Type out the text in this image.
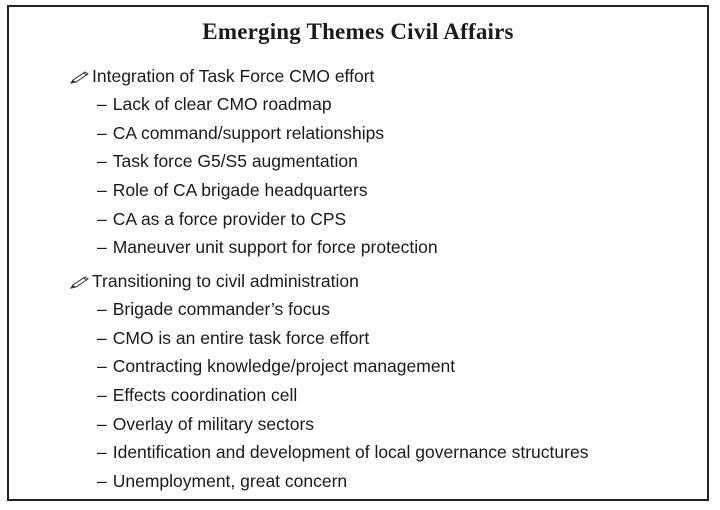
Emerging Themes Civil Affairs
Integration of Task Force CMO effort
– Lack of clear CMO roadmap
– CA command/support relationships
– Task force G5/S5 augmentation
– Role of CA brigade headquarters
– CA as a force provider to CPS
– Maneuver unit support for force protection
Transitioning to civil administration
– Brigade commander’s focus
– CMO is an entire task force effort
– Contracting knowledge/project management
– Effects coordination cell
– Overlay of military sectors
– Identification and development of local governance structures
– Unemployment, great concern
